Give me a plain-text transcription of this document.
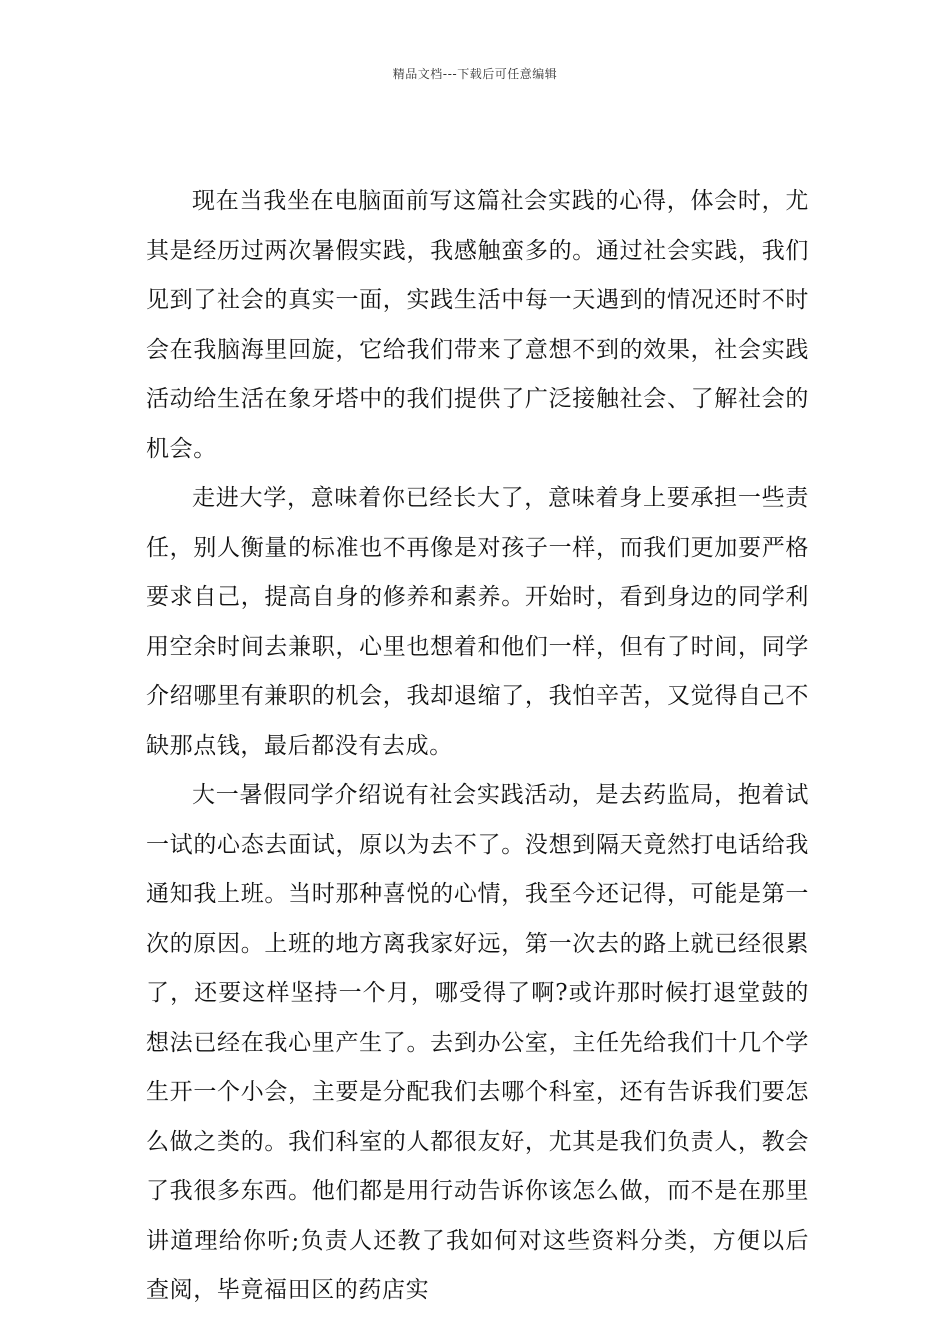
精品文档---下载后可任意编辑

现在当我坐在电脑面前写这篇社会实践的心得，体会时，尤其是经历过两次暑假实践，我感触蛮多的。通过社会实践，我们见到了社会的真实一面，实践生活中每一天遇到的情况还时不时会在我脑海里回旋，它给我们带来了意想不到的效果，社会实践活动给生活在象牙塔中的我们提供了广泛接触社会、了解社会的机会。

走进大学，意味着你已经长大了，意味着身上要承担一些责任，别人衡量的标准也不再像是对孩子一样，而我们更加要严格要求自己，提高自身的修养和素养。开始时，看到身边的同学利用空余时间去兼职，心里也想着和他们一样，但有了时间，同学介绍哪里有兼职的机会，我却退缩了，我怕辛苦，又觉得自己不缺那点钱，最后都没有去成。

大一暑假同学介绍说有社会实践活动，是去药监局，抱着试一试的心态去面试，原以为去不了。没想到隔天竟然打电话给我通知我上班。当时那种喜悦的心情，我至今还记得，可能是第一次的原因。上班的地方离我家好远，第一次去的路上就已经很累了，还要这样坚持一个月，哪受得了啊?或许那时候打退堂鼓的想法已经在我心里产生了。去到办公室，主任先给我们十几个学生开一个小会，主要是分配我们去哪个科室，还有告诉我们要怎么做之类的。我们科室的人都很友好，尤其是我们负责人，教会了我很多东西。他们都是用行动告诉你该怎么做，而不是在那里讲道理给你听;负责人还教了我如何对这些资料分类，方便以后查阅，毕竟福田区的药店实
